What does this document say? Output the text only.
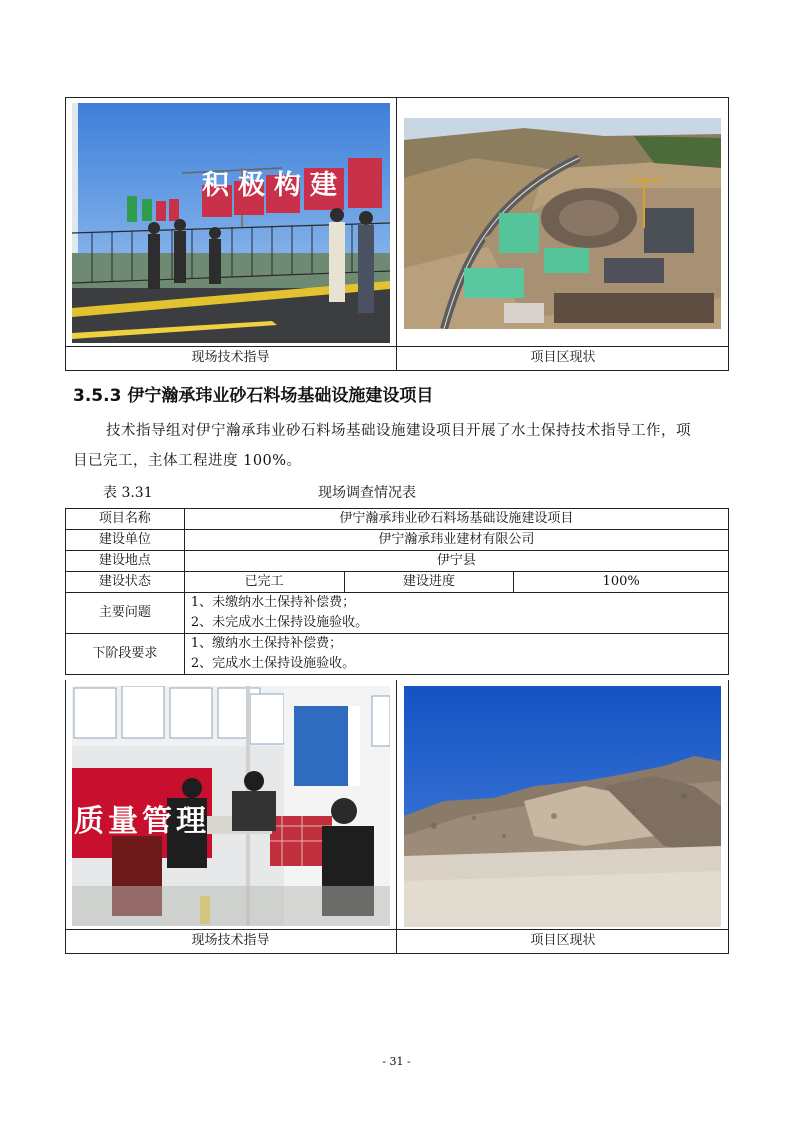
积极构建
现场技术指导	项目区现状
3.5.3 伊宁瀚承玮业砂石料场基础设施建设项目
技术指导组对伊宁瀚承玮业砂石料场基础设施建设项目开展了水土保持技术指导工作，项
目已完工，主体工程进度 100%。
表 3.31	现场调查情况表
项目名称	伊宁瀚承玮业砂石料场基础设施建设项目		
建设单位	伊宁瀚承玮业建材有限公司		
建设地点	伊宁县		
建设状态	已完工	建设进度	100%
主要问题	1、未缴纳水土保持补偿费；
2、未完成水土保持设施验收。		

下阶段要求	1、缴纳水土保持补偿费；
2、完成水土保持设施验收。		
质量管理
现场技术指导	项目区现状
- 31 -
